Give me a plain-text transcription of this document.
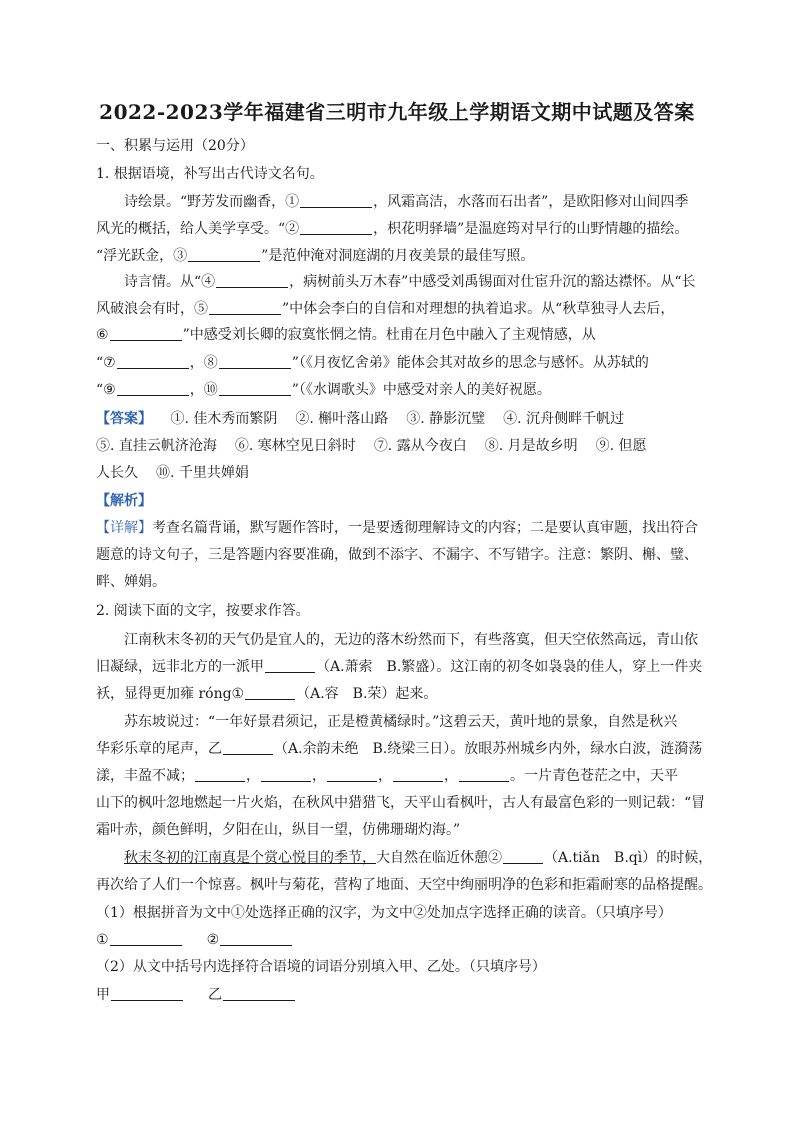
2022-2023学年福建省三明市九年级上学期语文期中试题及答案
一、积累与运用（20分）
1. 根据语境，补写出古代诗文名句。
诗绘景。“野芳发而幽香，①	，风霜高洁，水落而石出者”，是欧阳修对山间四季
风光的概括，给人美学享受。“②	，枳花明驿墙”是温庭筠对早行的山野情趣的描绘。
“浮光跃金，③	”是范仲淹对洞庭湖的月夜美景的最佳写照。
诗言情。从“④	，病树前头万木春”中感受刘禹锡面对仕宦升沉的豁达襟怀。从“长
风破浪会有时，⑤	”中体会李白的自信和对理想的执着追求。从“秋草独寻人去后，
⑥	”中感受刘长卿的寂寞怅惘之情。杜甫在月色中融入了主观情感，从
“⑦	，⑧	”（《月夜忆舍弟》能体会其对故乡的思念与感怀。从苏轼的
“⑨	，⑩	”（《水调歌头》中感受对亲人的美好祝愿。
【答案】 ①. 佳木秀而繁阴 ②. 槲叶落山路 ③. 静影沉璧 ④. 沉舟侧畔千帆过
⑤. 直挂云帆济沧海 ⑥. 寒林空见日斜时 ⑦. 露从今夜白 ⑧. 月是故乡明 ⑨. 但愿
人长久 ⑩. 千里共婵娟
【解析】
【详解】考查名篇背诵，默写题作答时，一是要透彻理解诗文的内容；二是要认真审题，找出符合
题意的诗文句子，三是答题内容要准确，做到不添字、不漏字、不写错字。注意：繁阴、槲、璧、
畔、婵娟。
2. 阅读下面的文字，按要求作答。
江南秋末冬初的天气仍是宜人的，无边的落木纷然而下，有些落寞，但天空依然高远，青山依
旧凝绿，远非北方的一派甲	（A.萧索　B.繁盛）。这江南的初冬如袅袅的佳人，穿上一件夹
袄，显得更加雍 róng①	（A.容　B.荣）起来。
苏东坡说过：“一年好景君须记，正是橙黄橘绿时。”这碧云天，黄叶地的景象，自然是秋兴
华彩乐章的尾声，乙	（A.余韵未绝　B.绕梁三日）。放眼苏州城乡内外，绿水白波，涟漪荡
漾，丰盈不减；	，	，	，	，	。一片青色苍茫之中，天平
山下的枫叶忽地燃起一片火焰，在秋风中猎猎飞，天平山看枫叶，古人有最富色彩的一则记载：“冒
霜叶赤，颜色鲜明，夕阳在山，纵目一望，仿佛珊瑚灼海。”
秋末冬初的江南真是个赏心悦目的季节，大自然在临近休憩②	（A.tiǎn　B.qì）的时候，
再次给了人们一个惊喜。枫叶与菊花，营构了地面、天空中绚丽明净的色彩和拒霜耐寒的品格提醒。
（1）根据拼音为文中①处选择正确的汉字，为文中②处加点字选择正确的读音。（只填序号）
①	②
（2）从文中括号内选择符合语境的词语分别填入甲、乙处。（只填序号）
甲	乙
